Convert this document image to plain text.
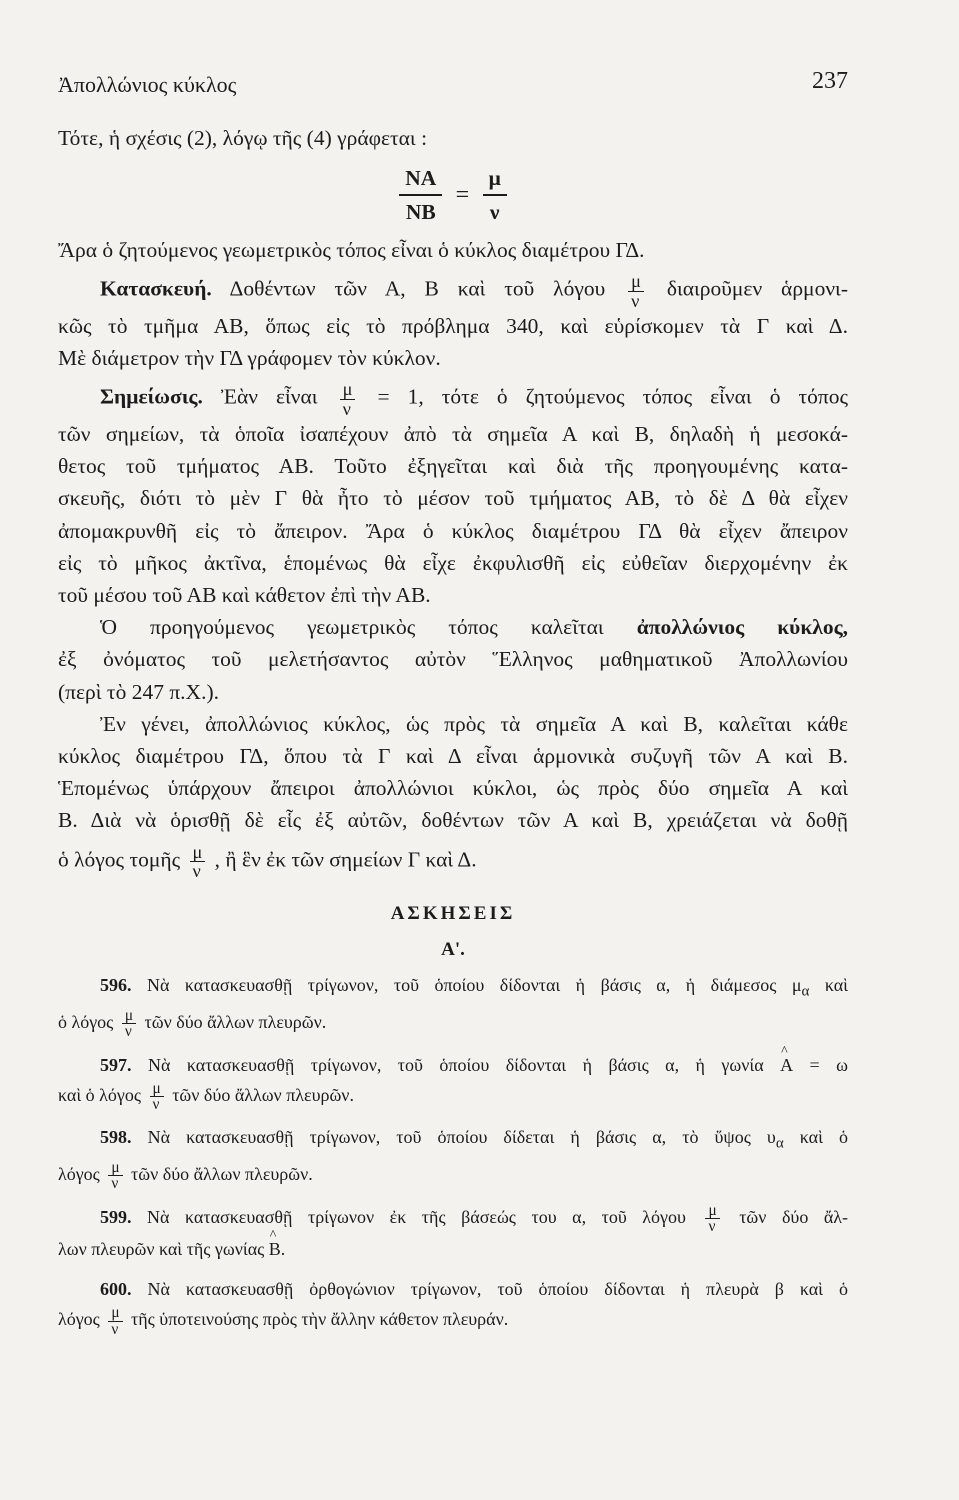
Ἀπολλώνιος κύκλος	237
Τότε, ἡ σχέσις (2), λόγῳ τῆς (4) γράφεται :
$\frac{NA}{NB} = \frac{\mu}{\nu}$
Ἄρα ὁ ζητούμενος γεωμετρικὸς τόπος εἶναι ὁ κύκλος διαμέτρου ΓΔ.
Κατασκευή. Δοθέντων τῶν Α, Β καὶ τοῦ λόγου $\frac{\mu}{\nu}$ διαιροῦμεν ἁρμονι-
κῶς τὸ τμῆμα ΑΒ, ὅπως εἰς τὸ πρόβλημα 340, καὶ εὑρίσκομεν τὰ Γ καὶ Δ.
Μὲ διάμετρον τὴν ΓΔ γράφομεν τὸν κύκλον.
Σημείωσις. Ἐὰν εἶναι $\frac{\mu}{\nu} = 1$, τότε ὁ ζητούμενος τόπος εἶναι ὁ τόπος
τῶν σημείων, τὰ ὁποῖα ἰσαπέχουν ἀπὸ τὰ σημεῖα Α καὶ Β, δηλαδὴ ἡ μεσοκά-
θετος τοῦ τμήματος ΑΒ. Τοῦτο ἐξηγεῖται καὶ διὰ τῆς προηγουμένης κατα-
σκευῆς, διότι τὸ μὲν Γ θὰ ἦτο τὸ μέσον τοῦ τμήματος ΑΒ, τὸ δὲ Δ θὰ εἶχεν
ἀπομακρυνθῆ εἰς τὸ ἄπειρον. Ἄρα ὁ κύκλος διαμέτρου ΓΔ θὰ εἶχεν ἄπειρον
εἰς τὸ μῆκος ἀκτῖνα, ἑπομένως θὰ εἶχε ἐκφυλισθῆ εἰς εὐθεῖαν διερχομένην ἐκ
τοῦ μέσου τοῦ ΑΒ καὶ κάθετον ἐπὶ τὴν ΑΒ.
Ὁ προηγούμενος γεωμετρικὸς τόπος καλεῖται ἀπολλώνιος κύκλος,
ἐξ ὀνόματος τοῦ μελετήσαντος αὐτὸν Ἕλληνος μαθηματικοῦ Ἀπολλωνίου
(περὶ τὸ 247 π.Χ.).
Ἐν γένει, ἀπολλώνιος κύκλος, ὡς πρὸς τὰ σημεῖα Α καὶ Β, καλεῖται κάθε
κύκλος διαμέτρου ΓΔ, ὅπου τὰ Γ καὶ Δ εἶναι ἁρμονικὰ συζυγῆ τῶν Α καὶ Β.
Ἑπομένως ὑπάρχουν ἄπειροι ἀπολλώνιοι κύκλοι, ὡς πρὸς δύο σημεῖα Α καὶ
Β. Διὰ νὰ ὁρισθῇ δὲ εἷς ἐξ αὐτῶν, δοθέντων τῶν Α καὶ Β, χρειάζεται νὰ δοθῇ
ὁ λόγος τομῆς $\frac{\mu}{\nu}$ , ἢ ἓν ἐκ τῶν σημείων Γ καὶ Δ.
ΑΣΚΗΣΕΙΣ
Α'.
596. Νὰ κατασκευασθῇ τρίγωνον, τοῦ ὁποίου δίδονται ἡ βάσις α, ἡ διάμεσος $\mu_\alpha$ καὶ
ὁ λόγος $\frac{\mu}{\nu}$ τῶν δύο ἄλλων πλευρῶν.
597. Νὰ κατασκευασθῇ τρίγωνον, τοῦ ὁποίου δίδονται ἡ βάσις α, ἡ γωνία ^ Α = ω
καὶ ὁ λόγος $\frac{\mu}{\nu}$ τῶν δύο ἄλλων πλευρῶν.
598. Νὰ κατασκευασθῇ τρίγωνον, τοῦ ὁποίου δίδεται ἡ βάσις α, τὸ ὕψος $\upsilon_\alpha$ καὶ ὁ
λόγος $\frac{\mu}{\nu}$ τῶν δύο ἄλλων πλευρῶν.
599. Νὰ κατασκευασθῇ τρίγωνον ἐκ τῆς βάσεώς του α, τοῦ λόγου $\frac{\mu}{\nu}$ τῶν δύο ἄλ-
λων πλευρῶν καὶ τῆς γωνίας ^ Β.
600. Νὰ κατασκευασθῇ ὀρθογώνιον τρίγωνον, τοῦ ὁποίου δίδονται ἡ πλευρὰ β καὶ ὁ
λόγος $\frac{\mu}{\nu}$ τῆς ὑποτεινούσης πρὸς τὴν ἄλλην κάθετον πλευράν.
